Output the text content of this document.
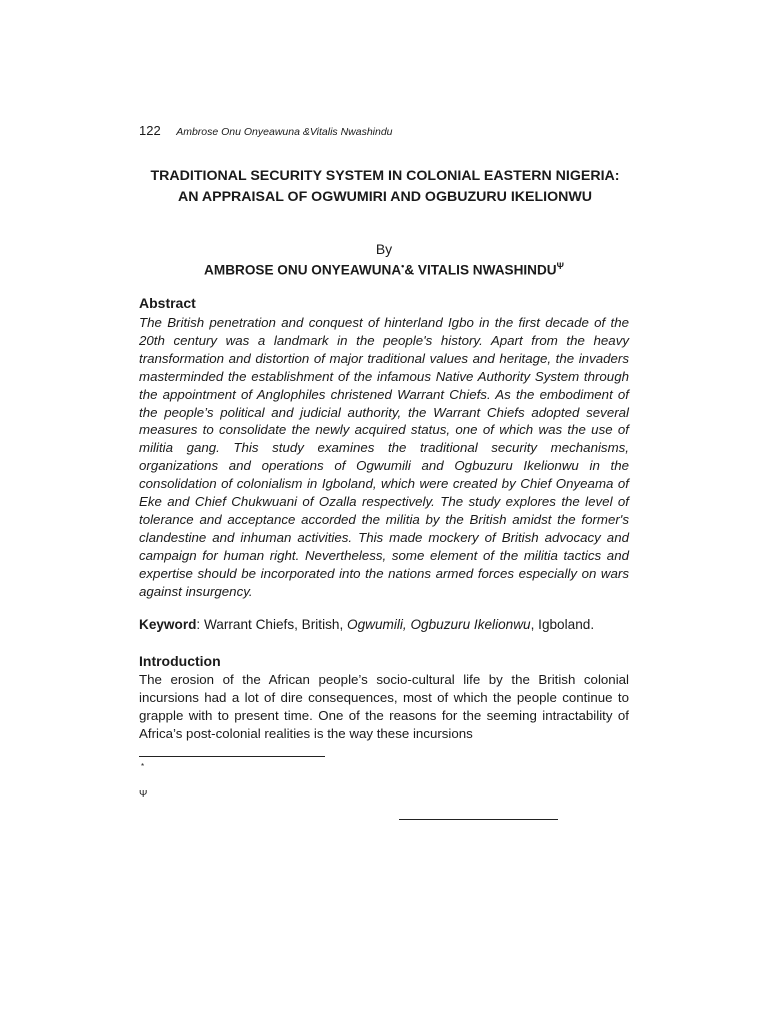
122 Ambrose Onu Onyeawuna &Vitalis Nwashindu
TRADITIONAL SECURITY SYSTEM IN COLONIAL EASTERN NIGERIA: AN APPRAISAL OF OGWUMIRI AND OGBUZURU IKELIONWU
By
AMBROSE ONU ONYEAWUNA•& VITALIS $NWASHINDU^\Psi$
Abstract
The British penetration and conquest of hinterland Igbo in the first decade of the 20th century was a landmark in the people's history. Apart from the heavy transformation and distortion of major traditional values and heritage, the invaders masterminded the establishment of the infamous Native Authority System through the appointment of Anglophiles christened Warrant Chiefs. As the embodiment of the people’s political and judicial authority, the Warrant Chiefs adopted several measures to consolidate the newly acquired status, one of which was the use of militia gang. This study examines the traditional security mechanisms, organizations and operations of Ogwumili and Ogbuzuru Ikelionwu in the consolidation of colonialism in Igboland, which were created by Chief Onyeama of Eke and Chief Chukwuani of Ozalla respectively. The study explores the level of tolerance and acceptance accorded the militia by the British amidst the former's clandestine and inhuman activities. This made mockery of British advocacy and campaign for human right. Nevertheless, some element of the militia tactics and expertise should be incorporated into the nations armed forces especially on wars against insurgency.
Keyword: Warrant Chiefs, British, Ogwumili, Ogbuzuru Ikelionwu, Igboland.
Introduction
The erosion of the African people’s socio-cultural life by the British colonial incursions had a lot of dire consequences, most of which the people continue to grapple with to present time. One of the reasons for the seeming intractability of Africa’s post-colonial realities is the way these incursions
*
Ψ
